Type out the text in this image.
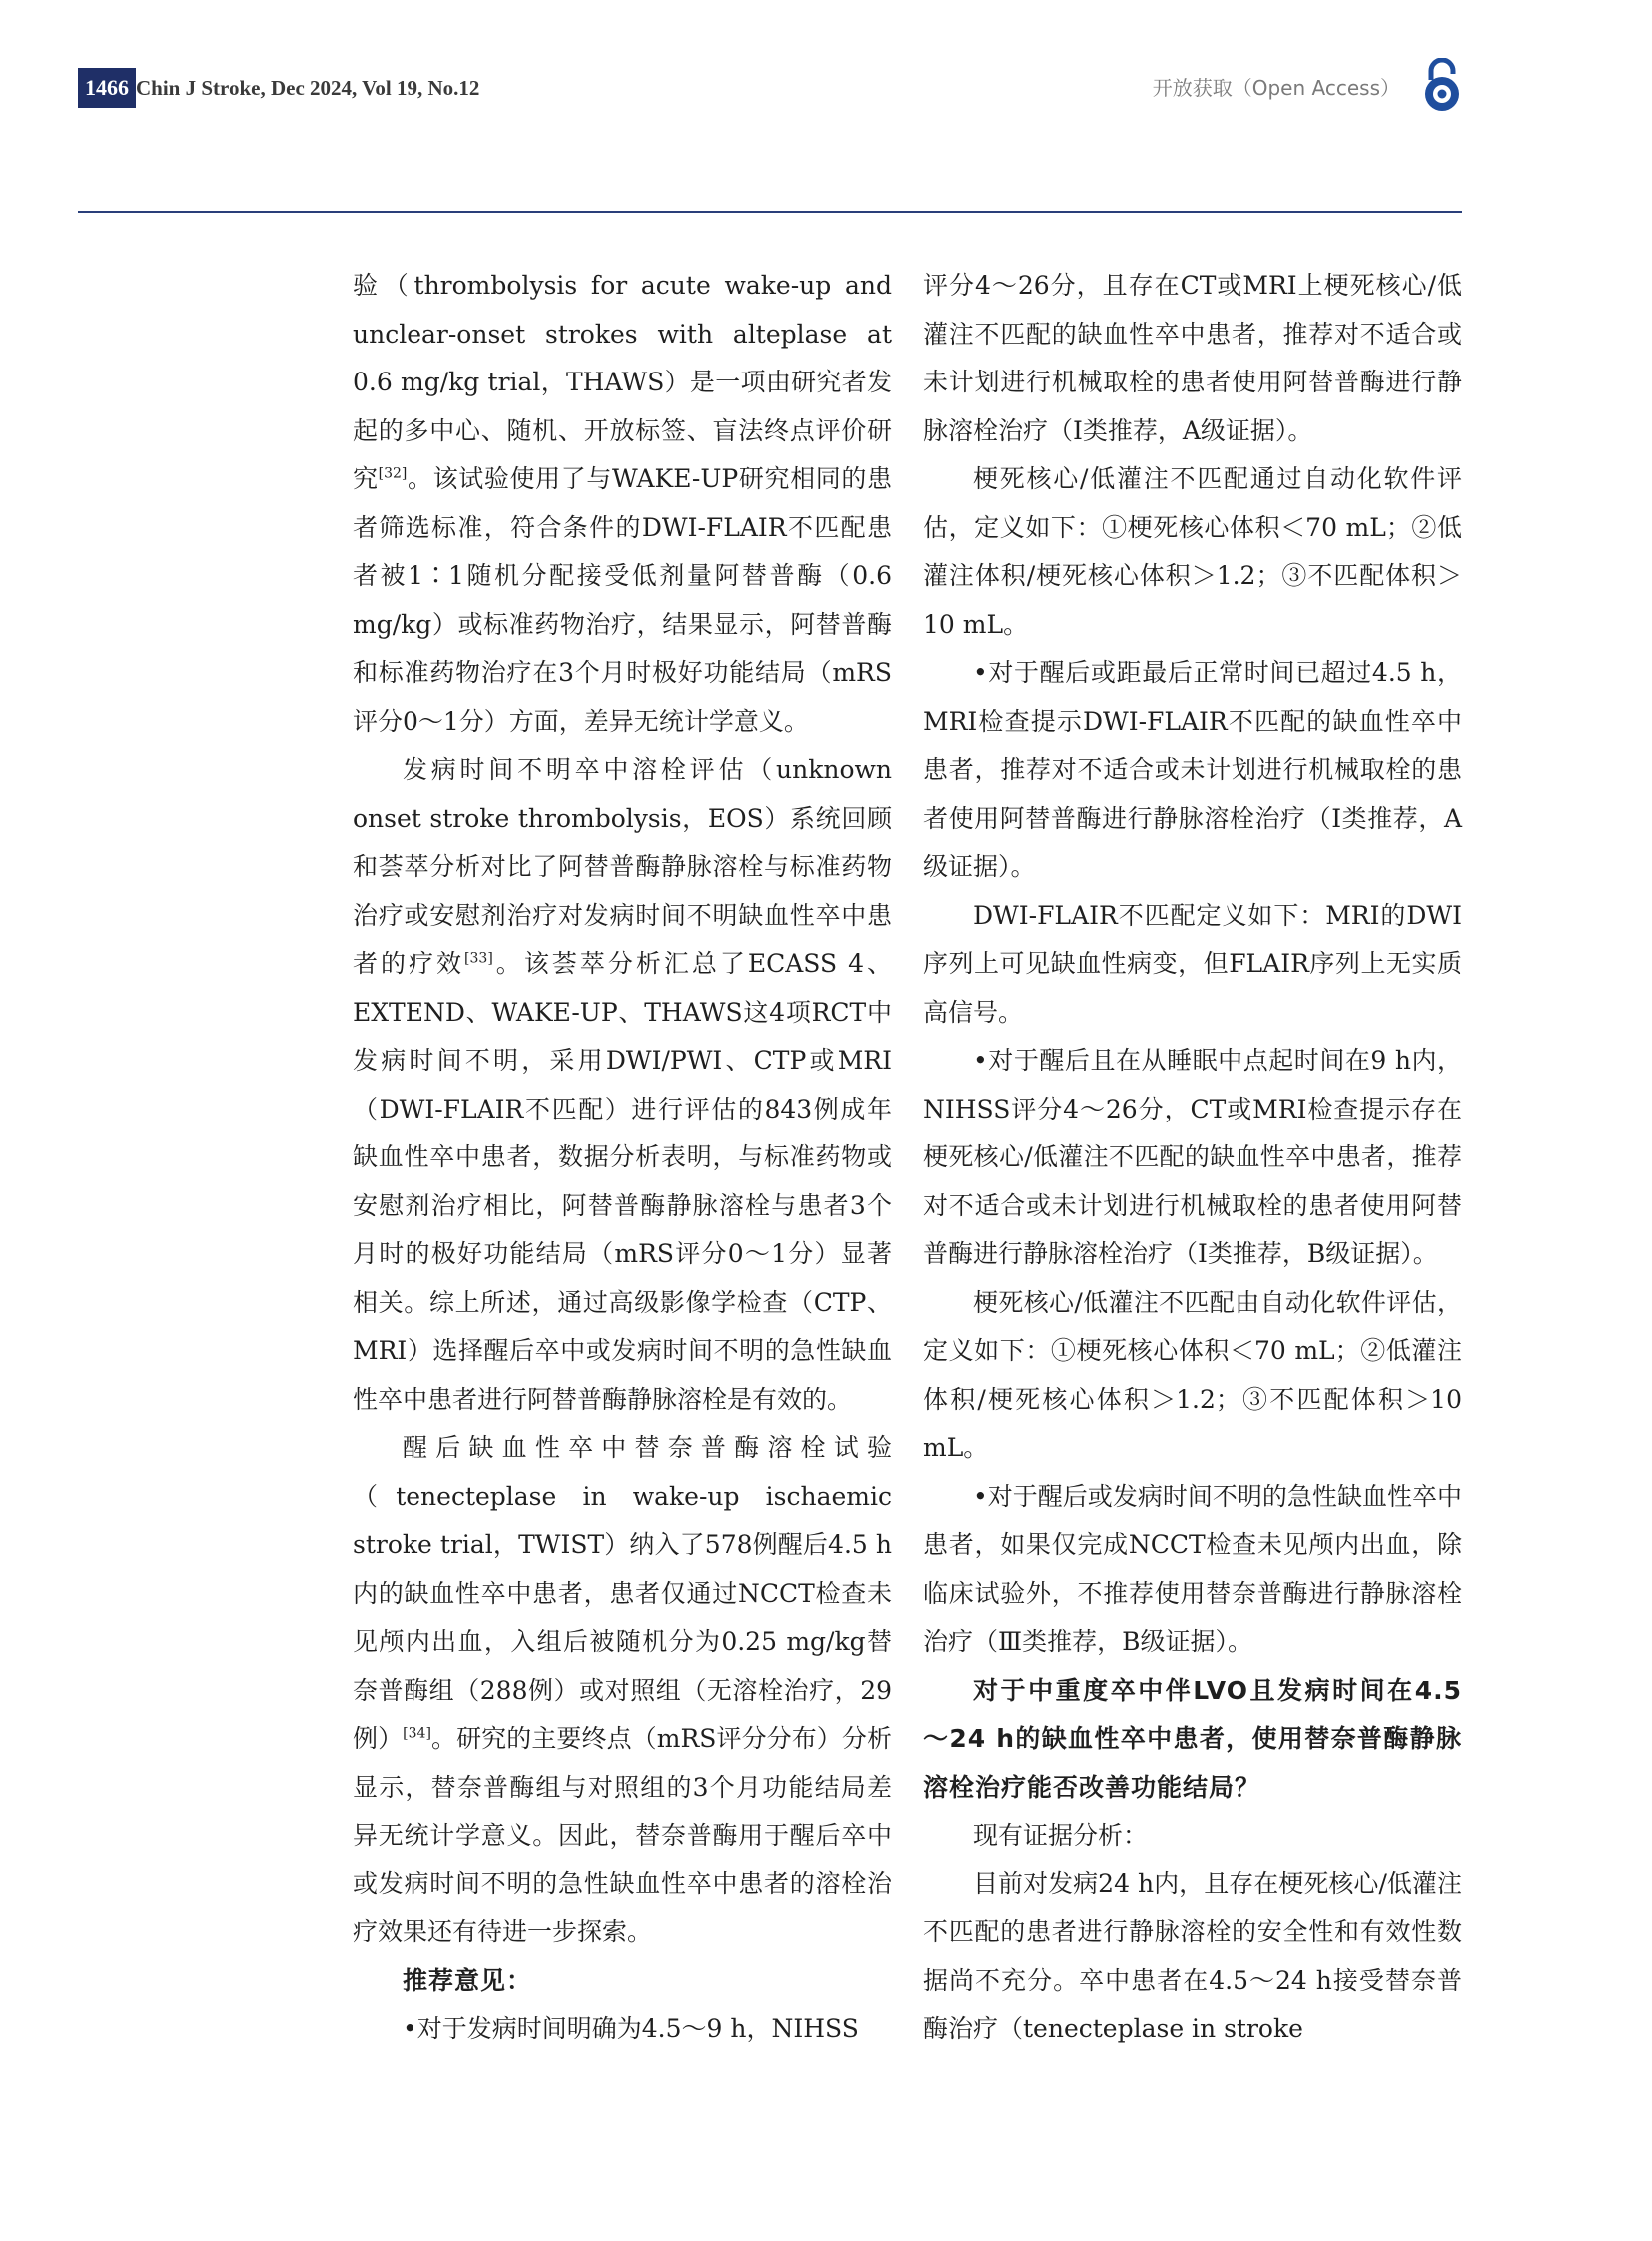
1466 Chin J Stroke, Dec 2024, Vol 19, No.12	开放获取（Open Access）

验（thrombolysis for acute wake-up and unclear-onset strokes with alteplase at 0.6 mg/kg trial，THAWS）是一项由研究者发起的多中心、随机、开放标签、盲法终点评价研究[32]。该试验使用了与WAKE-UP研究相同的患者筛选标准，符合条件的DWI-FLAIR不匹配患者被1∶1随机分配接受低剂量阿替普酶（0.6 mg/kg）或标准药物治疗，结果显示，阿替普酶和标准药物治疗在3个月时极好功能结局（mRS评分0～1分）方面，差异无统计学意义。

发病时间不明卒中溶栓评估（unknown onset stroke thrombolysis，EOS）系统回顾和荟萃分析对比了阿替普酶静脉溶栓与标准药物治疗或安慰剂治疗对发病时间不明缺血性卒中患者的疗效[33]。该荟萃分析汇总了ECASS 4、EXTEND、WAKE-UP、THAWS这4项RCT中发病时间不明，采用DWI/PWI、CTP或MRI（DWI-FLAIR不匹配）进行评估的843例成年缺血性卒中患者，数据分析表明，与标准药物或安慰剂治疗相比，阿替普酶静脉溶栓与患者3个月时的极好功能结局（mRS评分0～1分）显著相关。综上所述，通过高级影像学检查（CTP、MRI）选择醒后卒中或发病时间不明的急性缺血性卒中患者进行阿替普酶静脉溶栓是有效的。

醒后缺血性卒中替奈普酶溶栓试验（tenecteplase in wake-up ischaemic stroke trial，TWIST）纳入了578例醒后4.5 h内的缺血性卒中患者，患者仅通过NCCT检查未见颅内出血，入组后被随机分为0.25 mg/kg替奈普酶组（288例）或对照组（无溶栓治疗，29例）[34]。研究的主要终点（mRS评分分布）分析显示，替奈普酶组与对照组的3个月功能结局差异无统计学意义。因此，替奈普酶用于醒后卒中或发病时间不明的急性缺血性卒中患者的溶栓治疗效果还有待进一步探索。

推荐意见：

•对于发病时间明确为4.5～9 h，NIHSS

评分4～26分，且存在CT或MRI上梗死核心/低灌注不匹配的缺血性卒中患者，推荐对不适合或未计划进行机械取栓的患者使用阿替普酶进行静脉溶栓治疗（Ⅰ类推荐，A级证据）。

梗死核心/低灌注不匹配通过自动化软件评估，定义如下：①梗死核心体积＜70 mL；②低灌注体积/梗死核心体积＞1.2；③不匹配体积＞10 mL。

•对于醒后或距最后正常时间已超过4.5 h，MRI检查提示DWI-FLAIR不匹配的缺血性卒中患者，推荐对不适合或未计划进行机械取栓的患者使用阿替普酶进行静脉溶栓治疗（Ⅰ类推荐，A级证据）。

DWI-FLAIR不匹配定义如下：MRI的DWI序列上可见缺血性病变，但FLAIR序列上无实质高信号。

•对于醒后且在从睡眠中点起时间在9 h内，NIHSS评分4～26分，CT或MRI检查提示存在梗死核心/低灌注不匹配的缺血性卒中患者，推荐对不适合或未计划进行机械取栓的患者使用阿替普酶进行静脉溶栓治疗（Ⅰ类推荐，B级证据）。

梗死核心/低灌注不匹配由自动化软件评估，定义如下：①梗死核心体积＜70 mL；②低灌注体积/梗死核心体积＞1.2；③不匹配体积＞10 mL。

•对于醒后或发病时间不明的急性缺血性卒中患者，如果仅完成NCCT检查未见颅内出血，除临床试验外，不推荐使用替奈普酶进行静脉溶栓治疗（Ⅲ类推荐，B级证据）。

对于中重度卒中伴LVO且发病时间在4.5～24 h的缺血性卒中患者，使用替奈普酶静脉溶栓治疗能否改善功能结局？

现有证据分析：

目前对发病24 h内，且存在梗死核心/低灌注不匹配的患者进行静脉溶栓的安全性和有效性数据尚不充分。卒中患者在4.5～24 h接受替奈普酶治疗（tenecteplase in stroke
